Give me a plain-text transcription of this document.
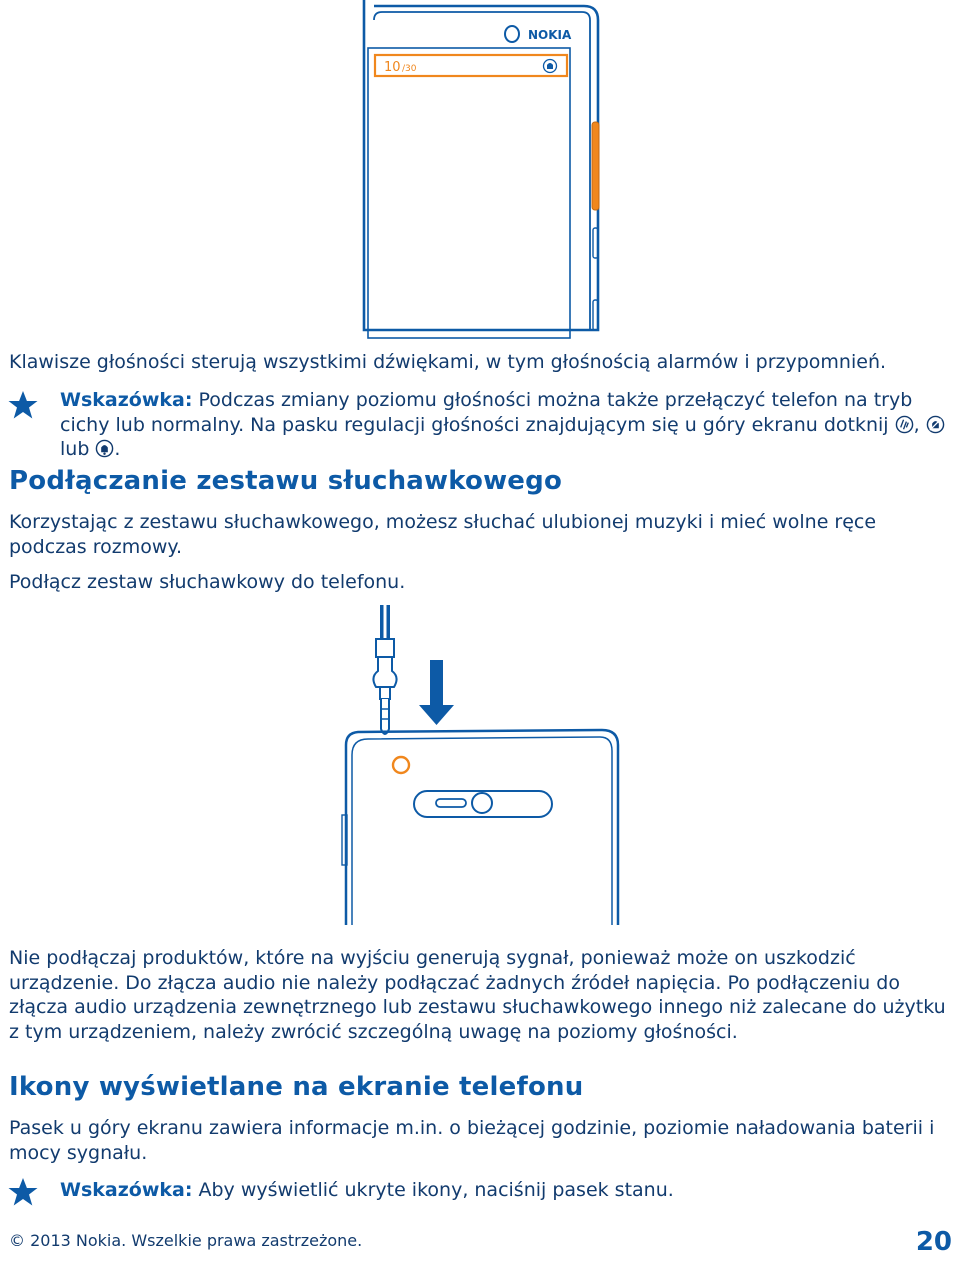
NOKIA
10 /30
Klawisze głośności sterują wszystkimi dźwiękami, w tym głośnością alarmów i przypomnień.
Wskazówka: Podczas zmiany poziomu głośności można także przełączyć telefon na tryb cichy lub normalny. Na pasku regulacji głośności znajdującym się u góry ekranu dotknij ,  lub .
Podłączanie zestawu słuchawkowego
Korzystając z zestawu słuchawkowego, możesz słuchać ulubionej muzyki i mieć wolne ręce podczas rozmowy.
Podłącz zestaw słuchawkowy do telefonu.
Nie podłączaj produktów, które na wyjściu generują sygnał, ponieważ może on uszkodzić urządzenie. Do złącza audio nie należy podłączać żadnych źródeł napięcia. Po podłączeniu do złącza audio urządzenia zewnętrznego lub zestawu słuchawkowego innego niż zalecane do użytku z tym urządzeniem, należy zwrócić szczególną uwagę na poziomy głośności.
Ikony wyświetlane na ekranie telefonu
Pasek u góry ekranu zawiera informacje m.in. o bieżącej godzinie, poziomie naładowania baterii i mocy sygnału.
Wskazówka: Aby wyświetlić ukryte ikony, naciśnij pasek stanu.
© 2013 Nokia. Wszelkie prawa zastrzeżone.	20
